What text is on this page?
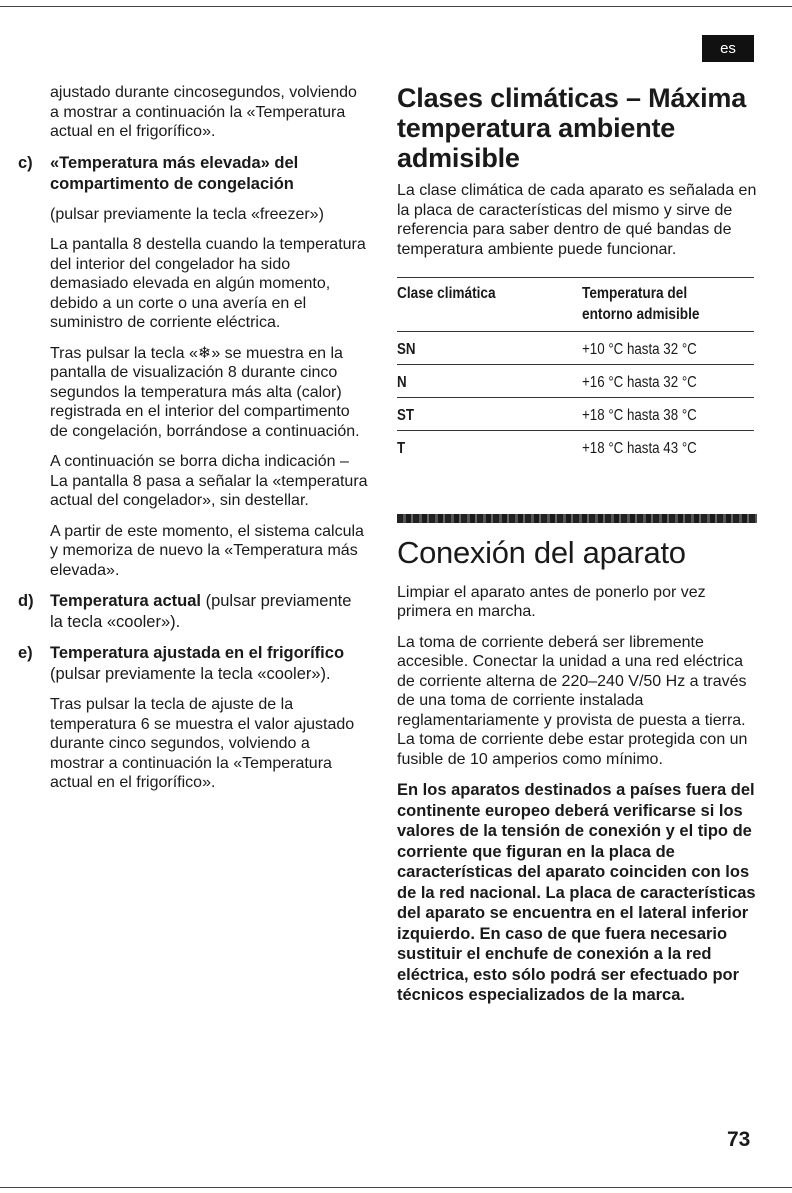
es

ajustado durante cincosegundos, volviendo a mostrar a continuación la «Temperatura actual en el frigorífico».

c) «Temperatura más elevada» del compartimento de congelación

(pulsar previamente la tecla «freezer»)

La pantalla 8 destella cuando la temperatura del interior del congelador ha sido demasiado elevada en algún momento, debido a un corte o una avería en el suministro de corriente eléctrica.

Tras pulsar la tecla «❄» se muestra en la pantalla de visualización 8 durante cinco segundos la temperatura más alta (calor) registrada en el interior del compartimento de congelación, borrándose a continuación.

A continuación se borra dicha indicación – La pantalla 8 pasa a señalar la «temperatura actual del congelador», sin destellar.

A partir de este momento, el sistema calcula y memoriza de nuevo la «Temperatura más elevada».

d) Temperatura actual (pulsar previamente la tecla «cooler»).

e) Temperatura ajustada en el frigorífico (pulsar previamente la tecla «cooler»).

Tras pulsar la tecla de ajuste de la temperatura 6 se muestra el valor ajustado durante cinco segundos, volviendo a mostrar a continuación la «Temperatura actual en el frigorífico».

Clases climáticas – Máxima temperatura ambiente admisible

La clase climática de cada aparato es señalada en la placa de características del mismo y sirve de referencia para saber dentro de qué bandas de temperatura ambiente puede funcionar.

Clase climática	Temperatura del entorno admisible
SN	+10 °C hasta 32 °C
N	+16 °C hasta 32 °C
ST	+18 °C hasta 38 °C
T	+18 °C hasta 43 °C
Conexión del aparato

Limpiar el aparato antes de ponerlo por vez primera en marcha.

La toma de corriente deberá ser libremente accesible. Conectar la unidad a una red eléctrica de corriente alterna de 220–240 V/50 Hz a través de una toma de corriente instalada reglamentariamente y provista de puesta a tierra. La toma de corriente debe estar protegida con un fusible de 10 amperios como mínimo.

En los aparatos destinados a países fuera del continente europeo deberá verificarse si los valores de la tensión de conexión y el tipo de corriente que figuran en la placa de características del aparato coinciden con los de la red nacional. La placa de características del aparato se encuentra en el lateral inferior izquierdo. En caso de que fuera necesario sustituir el enchufe de conexión a la red eléctrica, esto sólo podrá ser efectuado por técnicos especializados de la marca.

73
